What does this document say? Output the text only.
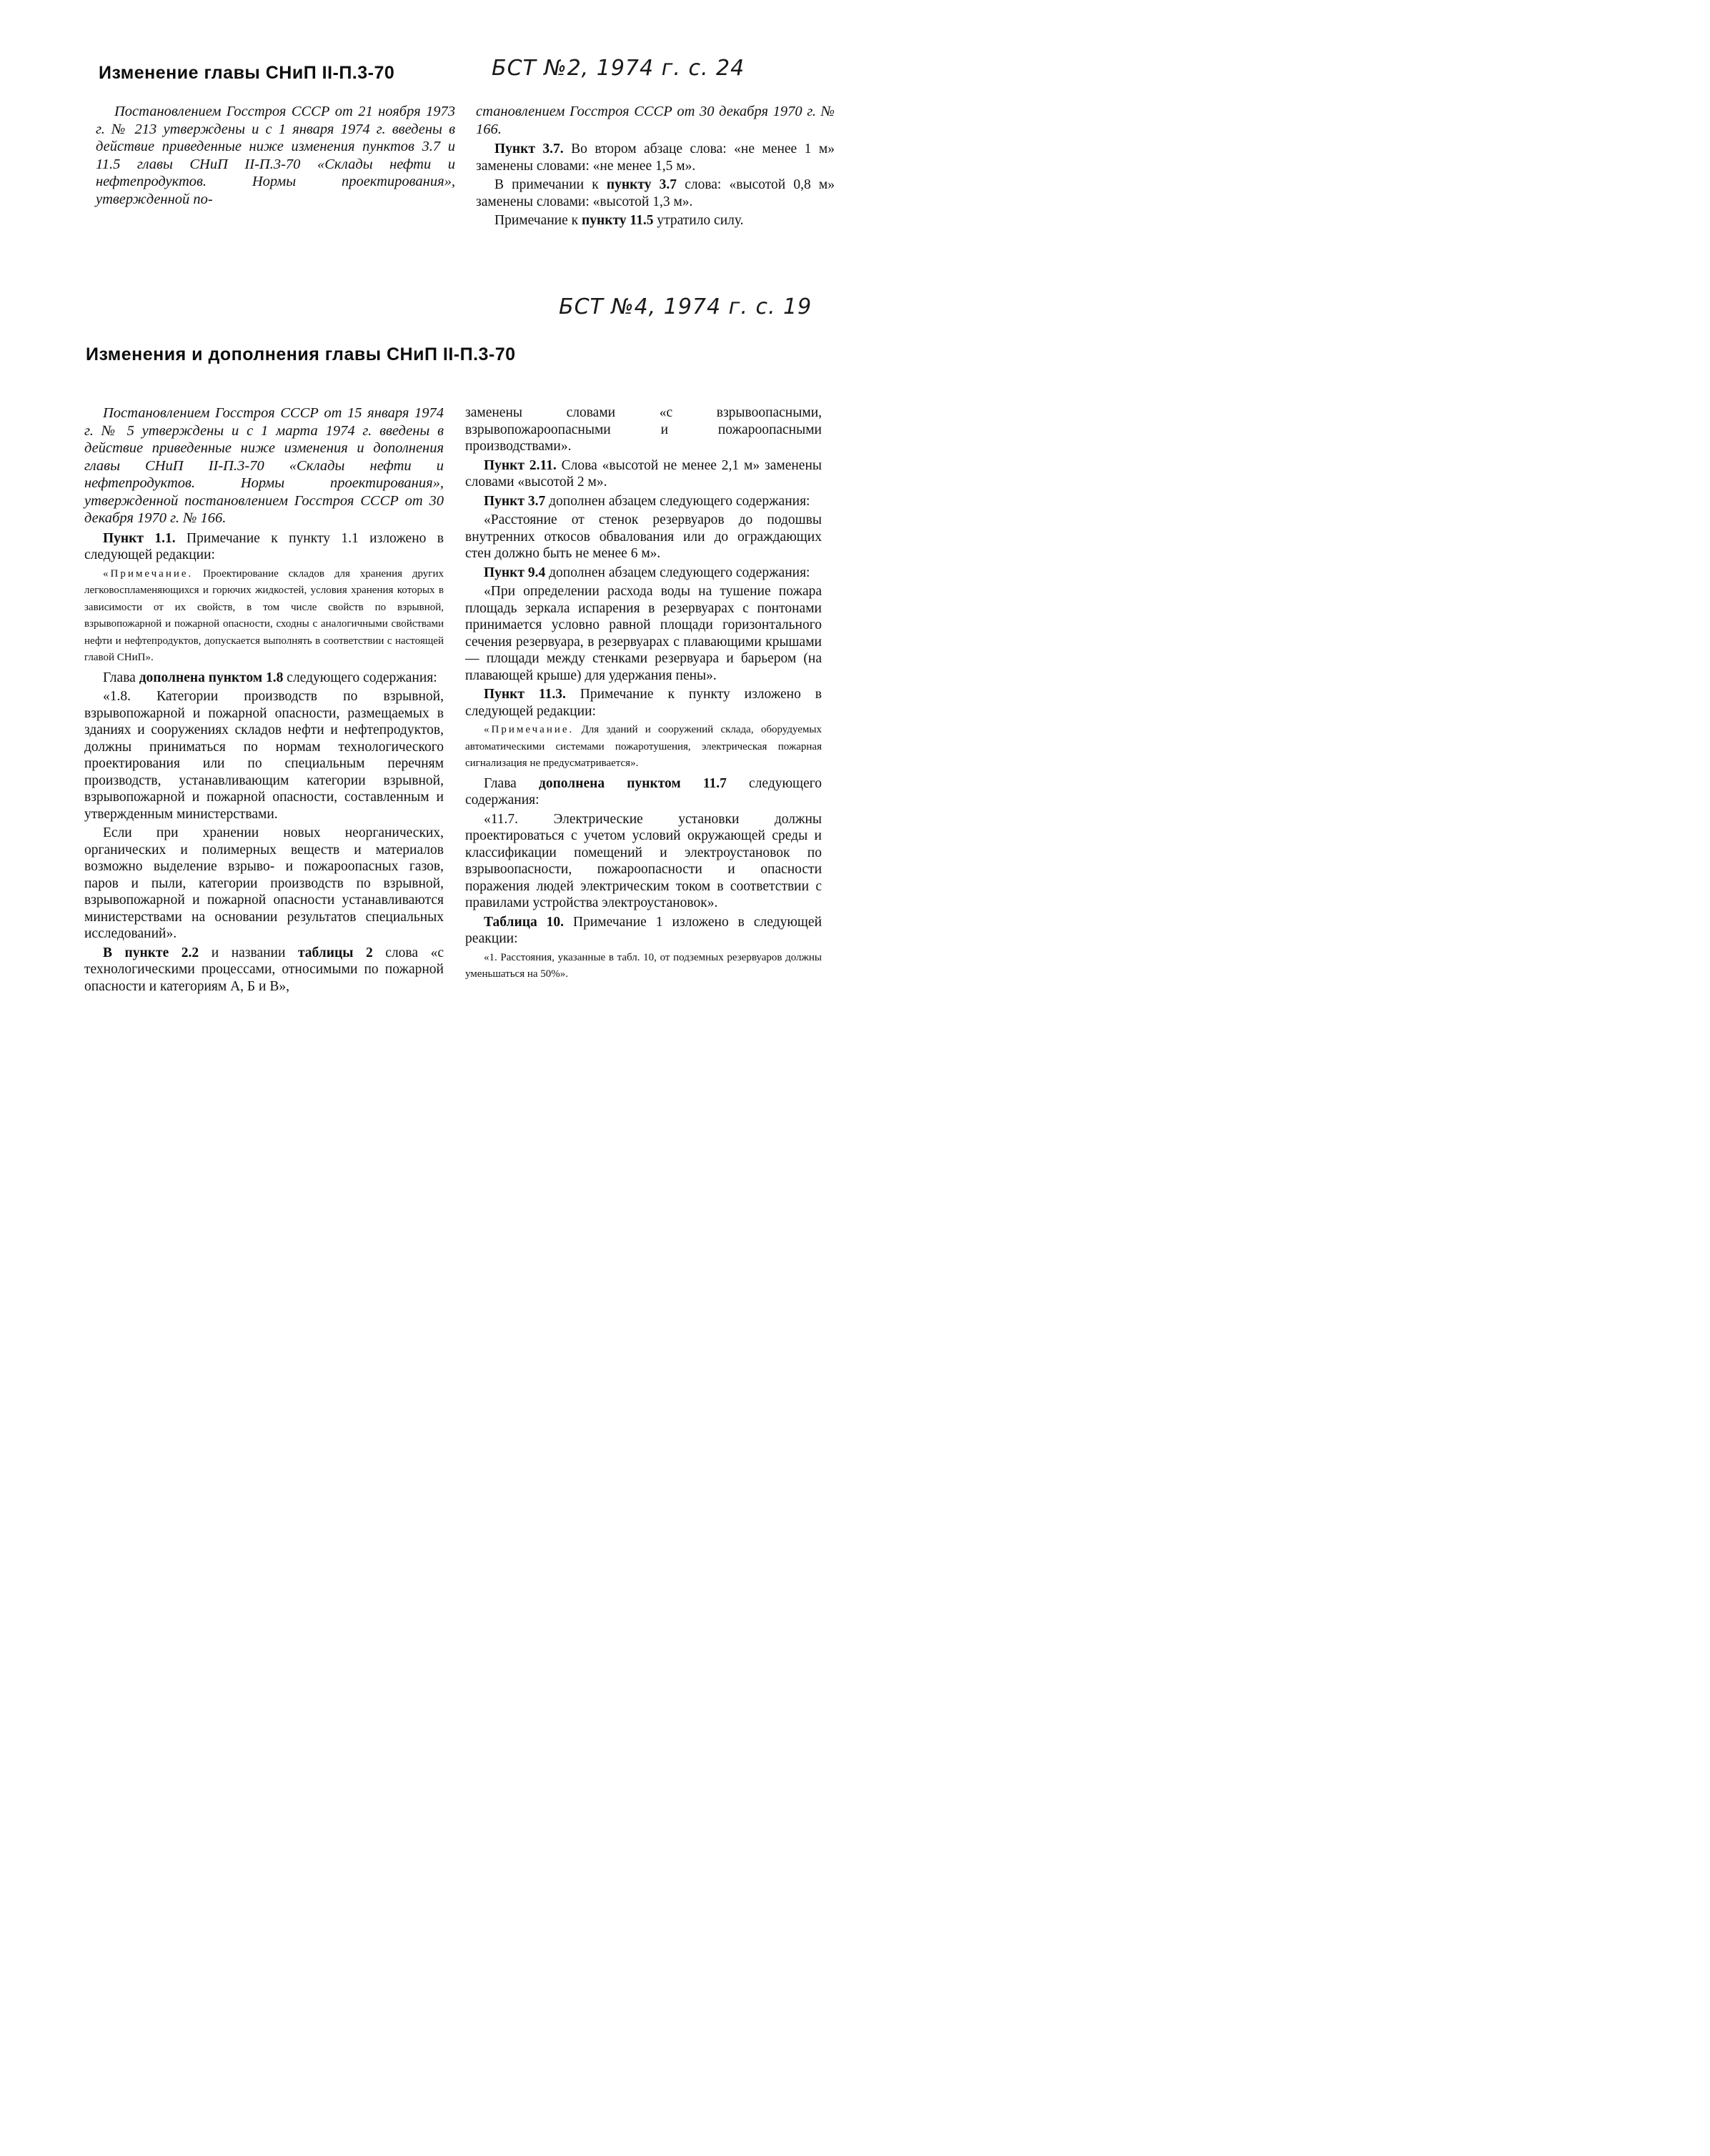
Изменение главы СНиП II-П.3-70	БСТ №2, 1974 г. с. 24

Постановлением Госстроя СССР от 21 ноября 1973 г. № 213 утверждены и с 1 января 1974 г. введены в действие приведенные ниже изменения пунктов 3.7 и 11.5 главы СНиП II-П.3-70 «Склады нефти и нефтепродуктов. Нормы проектирования», утвержденной по-

становлением Госстроя СССР от 30 декабря 1970 г. № 166.

Пункт 3.7. Во втором абзаце слова: «не менее 1 м» заменены словами: «не менее 1,5 м».

В примечании к пункту 3.7 слова: «высотой 0,8 м» заменены словами: «высотой 1,3 м».

Примечание к пункту 11.5 утратило силу.

БСТ №4, 1974 г. с. 19
Изменения и дополнения главы СНиП II-П.3-70

Постановлением Госстроя СССР от 15 января 1974 г. № 5 утверждены и с 1 марта 1974 г. введены в действие приведенные ниже изменения и дополнения главы СНиП II-П.3-70 «Склады нефти и нефтепродуктов. Нормы проектирования», утвержденной постановлением Госстроя СССР от 30 декабря 1970 г. № 166.

Пункт 1.1. Примечание к пункту 1.1 изложено в следующей редакции:

«Примечание. Проектирование складов для хранения других легковоспламеняющихся и горючих жидкостей, условия хранения которых в зависимости от их свойств, в том числе свойств по взрывной, взрывопожарной и пожарной опасности, сходны с аналогичными свойствами нефти и нефтепродуктов, допускается выполнять в соответствии с настоящей главой СНиП».

Глава дополнена пунктом 1.8 следующего содержания:

«1.8. Категории производств по взрывной, взрывопожарной и пожарной опасности, размещаемых в зданиях и сооружениях складов нефти и нефтепродуктов, должны приниматься по нормам технологического проектирования или по специальным перечням производств, устанавливающим категории взрывной, взрывопожарной и пожарной опасности, составленным и утвержденным министерствами.

Если при хранении новых неорганических, органических и полимерных веществ и материалов возможно выделение взрыво- и пожароопасных газов, паров и пыли, категории производств по взрывной, взрывопожарной и пожарной опасности устанавливаются министерствами на основании результатов специальных исследований».

В пункте 2.2 и названии таблицы 2 слова «с технологическими процессами, относимыми по пожарной опасности и категориям А, Б и В»,

заменены словами «с взрывоопасными, взрывопожароопасными и пожароопасными производствами».

Пункт 2.11. Слова «высотой не менее 2,1 м» заменены словами «высотой 2 м».

Пункт 3.7 дополнен абзацем следующего содержания:

«Расстояние от стенок резервуаров до подошвы внутренних откосов обвалования или до ограждающих стен должно быть не менее 6 м».

Пункт 9.4 дополнен абзацем следующего содержания:

«При определении расхода воды на тушение пожара площадь зеркала испарения в резервуарах с понтонами принимается условно равной площади горизонтального сечения резервуара, в резервуарах с плавающими крышами — площади между стенками резервуара и барьером (на плавающей крыше) для удержания пены».

Пункт 11.3. Примечание к пункту изложено в следующей редакции:

«Примечание. Для зданий и сооружений склада, оборудуемых автоматическими системами пожаротушения, электрическая пожарная сигнализация не предусматривается».

Глава дополнена пунктом 11.7 следующего содержания:

«11.7. Электрические установки должны проектироваться с учетом условий окружающей среды и классификации помещений и электроустановок по взрывоопасности, пожароопасности и опасности поражения людей электрическим током в соответствии с правилами устройства электроустановок».

Таблица 10. Примечание 1 изложено в следующей реакции:

«1. Расстояния, указанные в табл. 10, от подземных резервуаров должны уменьшаться на 50%».
